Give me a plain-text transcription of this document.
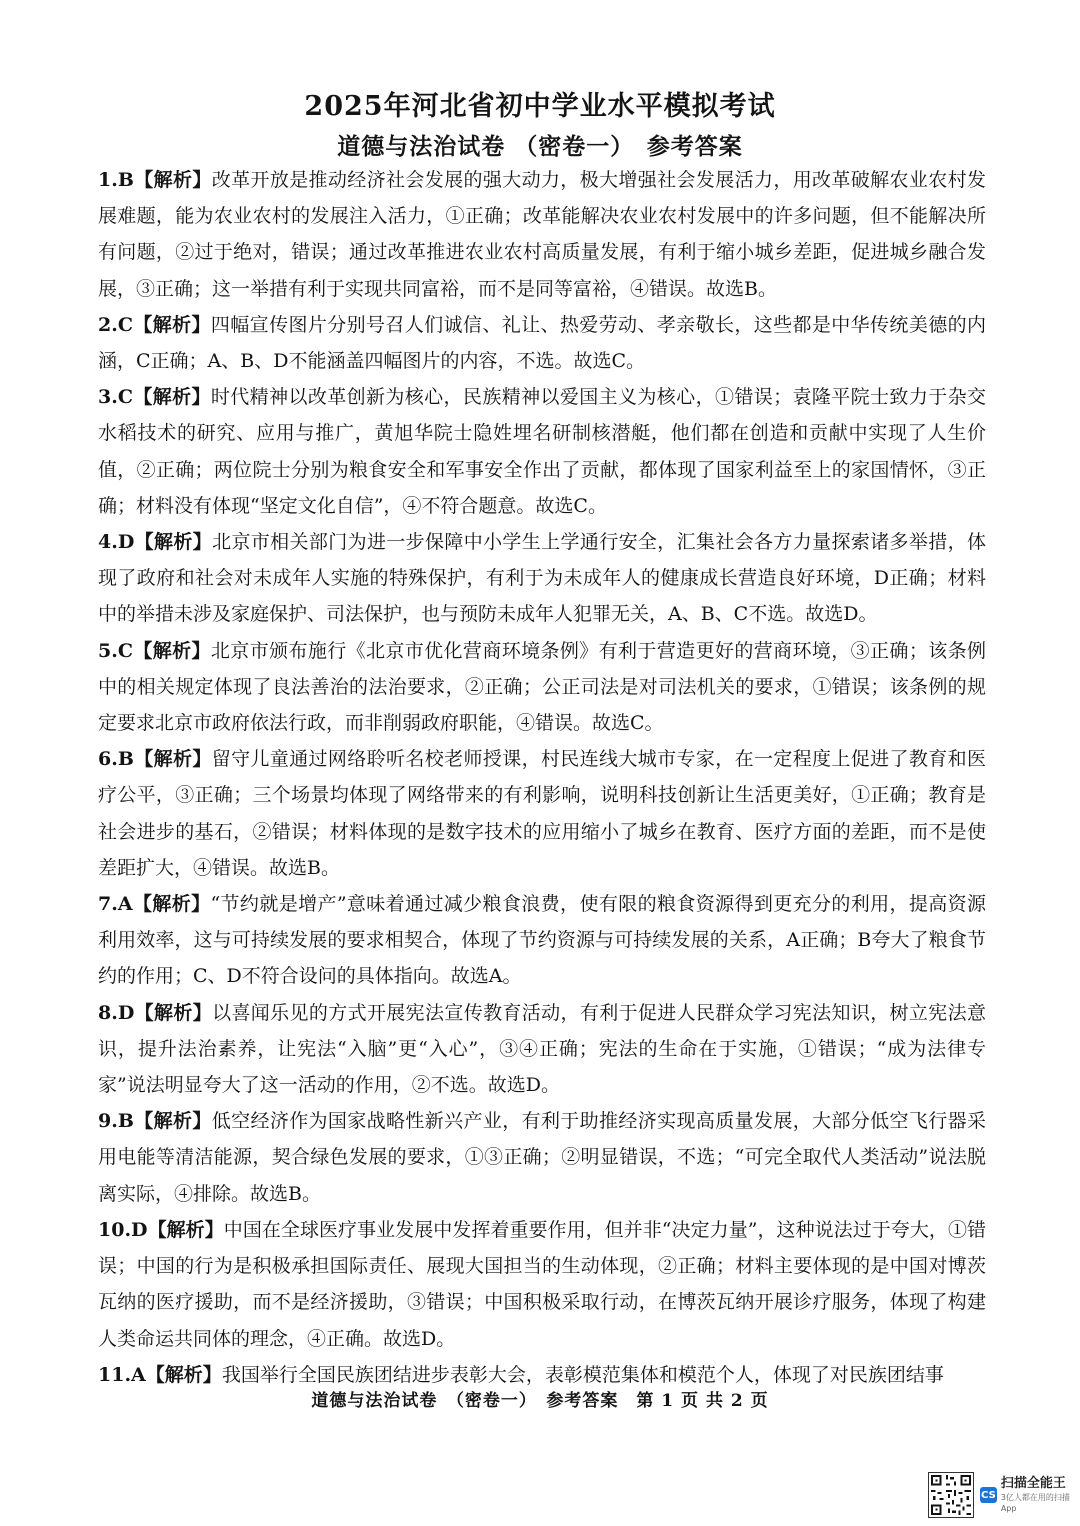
2025年河北省初中学业水平模拟考试
道德与法治试卷 （密卷一）　参考答案

1.B【解析】改革开放是推动经济社会发展的强大动力，极大增强社会发展活力，用改革破解农业农村发展难题，能为农业农村的发展注入活力，①正确；改革能解决农业农村发展中的许多问题，但不能解决所有问题，②过于绝对，错误；通过改革推进农业农村高质量发展，有利于缩小城乡差距，促进城乡融合发展，③正确；这一举措有利于实现共同富裕，而不是同等富裕，④错误。故选B。

2.C【解析】四幅宣传图片分别号召人们诚信、礼让、热爱劳动、孝亲敬长，这些都是中华传统美德的内涵，C正确；A、B、D不能涵盖四幅图片的内容，不选。故选C。

3.C【解析】时代精神以改革创新为核心，民族精神以爱国主义为核心，①错误；袁隆平院士致力于杂交水稻技术的研究、应用与推广，黄旭华院士隐姓埋名研制核潜艇，他们都在创造和贡献中实现了人生价值，②正确；两位院士分别为粮食安全和军事安全作出了贡献，都体现了国家利益至上的家国情怀，③正确；材料没有体现“坚定文化自信”，④不符合题意。故选C。

4.D【解析】北京市相关部门为进一步保障中小学生上学通行安全，汇集社会各方力量探索诸多举措，体现了政府和社会对未成年人实施的特殊保护，有利于为未成年人的健康成长营造良好环境，D正确；材料中的举措未涉及家庭保护、司法保护，也与预防未成年人犯罪无关，A、B、C不选。故选D。

5.C【解析】北京市颁布施行《北京市优化营商环境条例》有利于营造更好的营商环境，③正确；该条例中的相关规定体现了良法善治的法治要求，②正确；公正司法是对司法机关的要求，①错误；该条例的规定要求北京市政府依法行政，而非削弱政府职能，④错误。故选C。

6.B【解析】留守儿童通过网络聆听名校老师授课，村民连线大城市专家，在一定程度上促进了教育和医疗公平，③正确；三个场景均体现了网络带来的有利影响，说明科技创新让生活更美好，①正确；教育是社会进步的基石，②错误；材料体现的是数字技术的应用缩小了城乡在教育、医疗方面的差距，而不是使差距扩大，④错误。故选B。

7.A【解析】“节约就是增产”意味着通过减少粮食浪费，使有限的粮食资源得到更充分的利用，提高资源利用效率，这与可持续发展的要求相契合，体现了节约资源与可持续发展的关系，A正确；B夸大了粮食节约的作用；C、D不符合设问的具体指向。故选A。

8.D【解析】以喜闻乐见的方式开展宪法宣传教育活动，有利于促进人民群众学习宪法知识，树立宪法意识，提升法治素养，让宪法“入脑”更“入心”，③④正确；宪法的生命在于实施，①错误；“成为法律专家”说法明显夸大了这一活动的作用，②不选。故选D。

9.B【解析】低空经济作为国家战略性新兴产业，有利于助推经济实现高质量发展，大部分低空飞行器采用电能等清洁能源，契合绿色发展的要求，①③正确；②明显错误，不选；“可完全取代人类活动”说法脱离实际，④排除。故选B。

10.D【解析】中国在全球医疗事业发展中发挥着重要作用，但并非“决定力量”，这种说法过于夸大，①错误；中国的行为是积极承担国际责任、展现大国担当的生动体现，②正确；材料主要体现的是中国对博茨瓦纳的医疗援助，而不是经济援助，③错误；中国积极采取行动，在博茨瓦纳开展诊疗服务，体现了构建人类命运共同体的理念，④正确。故选D。

11.A【解析】我国举行全国民族团结进步表彰大会，表彰模范集体和模范个人，体现了对民族团结事

道德与法治试卷　（密卷一）　参考答案　第 1 页 共 2 页
CS
扫描全能王
3亿人都在用的扫描App
